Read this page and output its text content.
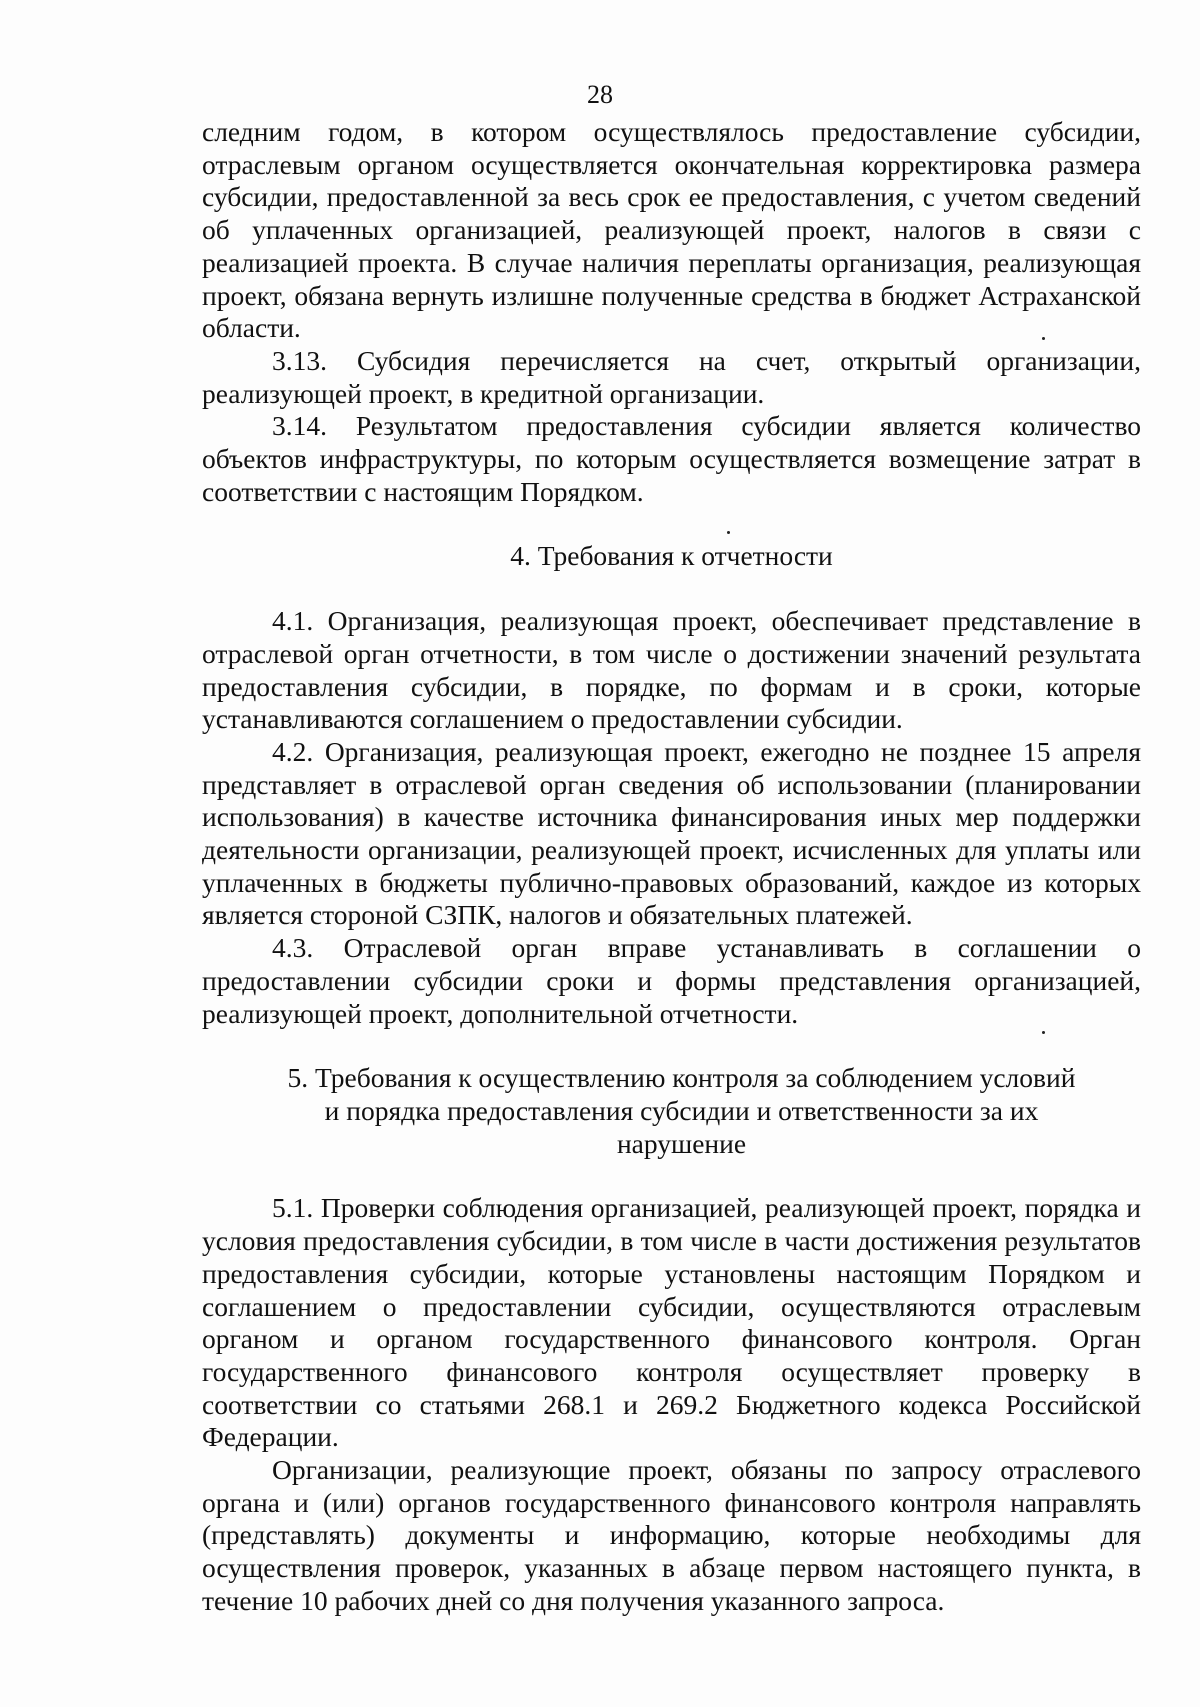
28

следним годом, в котором осуществлялось предоставление субсидии, отраслевым органом осуществляется окончательная корректировка размера субсидии, предоставленной за весь срок ее предоставления, с учетом сведений об уплаченных организацией, реализующей проект, налогов в связи с реализацией проекта. В случае наличия переплаты организация, реализующая проект, обязана вернуть излишне полученные средства в бюджет Астраханской области.

3.13. Субсидия перечисляется на счет, открытый организации, реализующей проект, в кредитной организации.

3.14. Результатом предоставления субсидии является количество объектов инфраструктуры, по которым осуществляется возмещение затрат в соответствии с настоящим Порядком.

4. Требования к отчетности

4.1. Организация, реализующая проект, обеспечивает представление в отраслевой орган отчетности, в том числе о достижении значений результата предоставления субсидии, в порядке, по формам и в сроки, которые устанавливаются соглашением о предоставлении субсидии.

4.2. Организация, реализующая проект, ежегодно не позднее 15 апреля представляет в отраслевой орган сведения об использовании (планировании использования) в качестве источника финансирования иных мер поддержки деятельности организации, реализующей проект, исчисленных для уплаты или уплаченных в бюджеты публично-правовых образований, каждое из которых является стороной СЗПК, налогов и обязательных платежей.

4.3. Отраслевой орган вправе устанавливать в соглашении о предоставлении субсидии сроки и формы представления организацией, реализующей проект, дополнительной отчетности.

5. Требования к осуществлению контроля за соблюдением условий и порядка предоставления субсидии и ответственности за их нарушение

5.1. Проверки соблюдения организацией, реализующей проект, порядка и условия предоставления субсидии, в том числе в части достижения результатов предоставления субсидии, которые установлены настоящим Порядком и соглашением о предоставлении субсидии, осуществляются отраслевым органом и органом государственного финансового контроля. Орган государственного финансового контроля осуществляет проверку в соответствии со статьями 268.1 и 269.2 Бюджетного кодекса Российской Федерации.

Организации, реализующие проект, обязаны по запросу отраслевого органа и (или) органов государственного финансового контроля направлять (представлять) документы и информацию, которые необходимы для осуществления проверок, указанных в абзаце первом настоящего пункта, в течение 10 рабочих дней со дня получения указанного запроса.
